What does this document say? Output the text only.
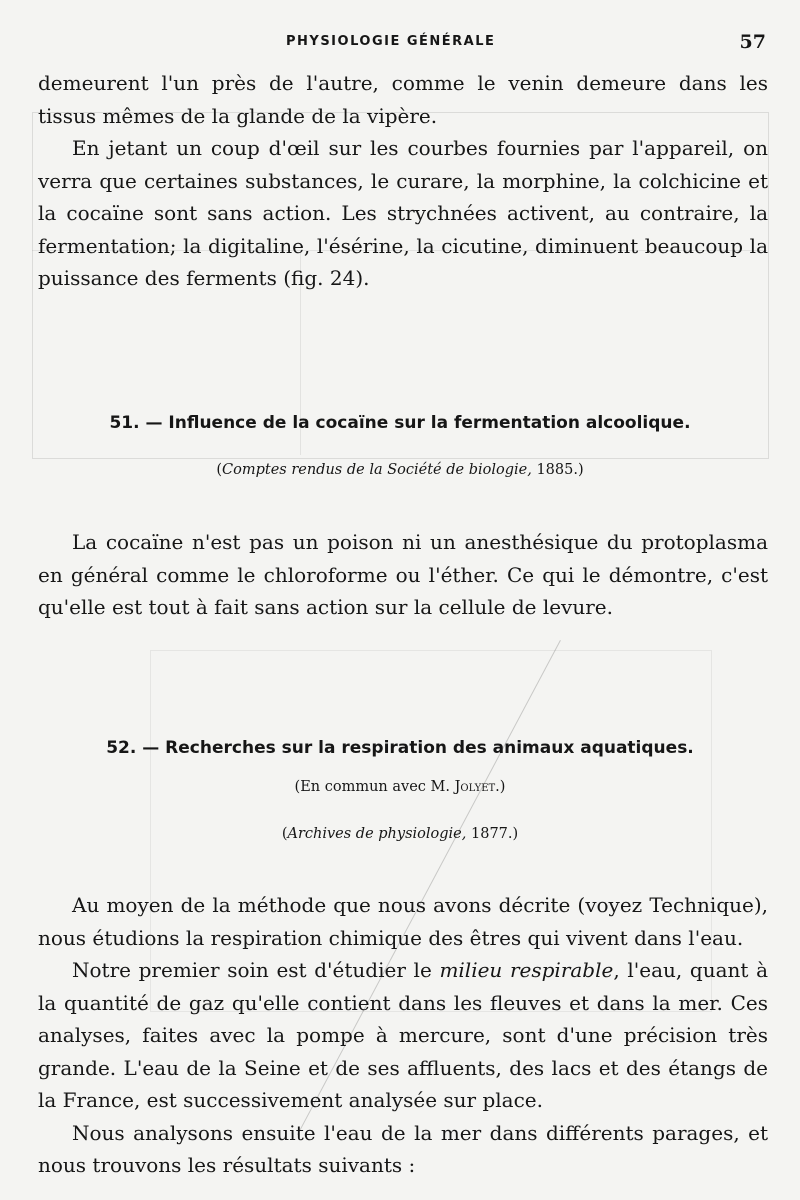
PHYSIOLOGIE GÉNÉRALE	57

demeurent l'un près de l'autre, comme le venin demeure dans les tissus mêmes de la glande de la vipère.

En jetant un coup d'œil sur les courbes fournies par l'appareil, on verra que certaines substances, le curare, la morphine, la colchicine et la cocaïne sont sans action. Les strychnées activent, au contraire, la fermentation; la digitaline, l'ésérine, la cicutine, diminuent beaucoup la puissance des ferments (fig. 24).

51. — Influence de la cocaïne sur la fermentation alcoolique.
(Comptes rendus de la Société de biologie, 1885.)

La cocaïne n'est pas un poison ni un anesthésique du protoplasma en général comme le chloroforme ou l'éther. Ce qui le démontre, c'est qu'elle est tout à fait sans action sur la cellule de levure.

52. — Recherches sur la respiration des animaux aquatiques.
(En commun avec M. Jolyet.)
(Archives de physiologie, 1877.)

Au moyen de la méthode que nous avons décrite (voyez Technique), nous étudions la respiration chimique des êtres qui vivent dans l'eau.

Notre premier soin est d'étudier le milieu respirable, l'eau, quant à la quantité de gaz qu'elle contient dans les fleuves et dans la mer. Ces analyses, faites avec la pompe à mercure, sont d'une précision très grande. L'eau de la Seine et de ses affluents, des lacs et des étangs de la France, est successivement analysée sur place.

Nous analysons ensuite l'eau de la mer dans différents parages, et nous trouvons les résultats suivants :
